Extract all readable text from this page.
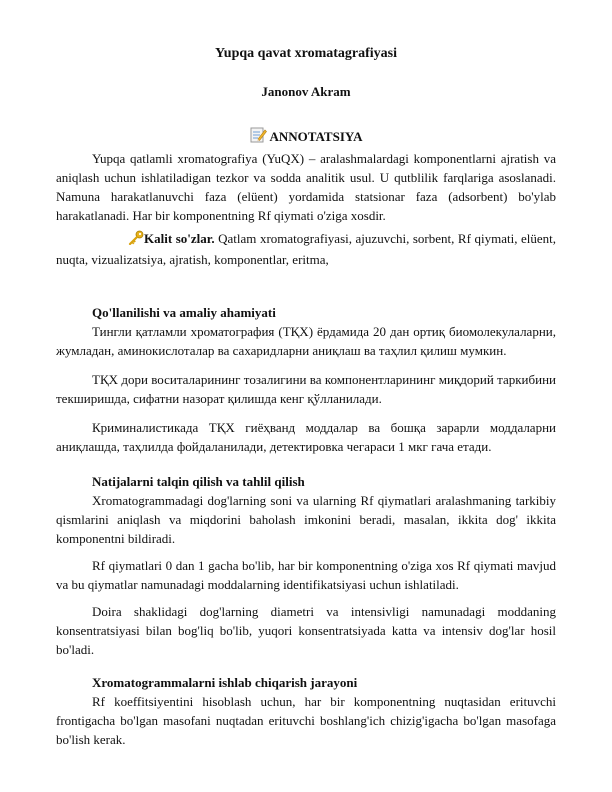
Yupqa qavat xromatagrafiyasi
Janonov Akram
ANNOTATSIYA

Yupqa qatlamli xromatografiya (YuQX) – aralashmalardagi komponentlarni ajratish va aniqlash uchun ishlatiladigan tezkor va sodda analitik usul. U qutblilik farqlariga asoslanadi. Namuna harakatlanuvchi faza (elüent) yordamida statsionar faza (adsorbent) bo'ylab harakatlanadi. Har bir komponentning Rf qiymati o'ziga xosdir.

Kalit so'zlar. Qatlam xromatografiyasi, ajuzuvchi, sorbent, Rf qiymati, elüent, nuqta, vizualizatsiya, ajratish, komponentlar, eritma,

Qo'llanilishi va amaliy ahamiyati

Тингли қатламли хроматография (ТҚХ) ёрдамида 20 дан ортиқ биомолекулаларни, жумладан, аминокислоталар ва сахаридларни аниқлаш ва таҳлил қилиш мумкин.

ТҚХ дори воситаларининг тозалигини ва компонентларининг миқдорий таркибини текширишда, сифатни назорат қилишда кенг қўлланилади.

Криминалистикада ТҚХ гиёҳванд моддалар ва бошқа зарарли моддаларни аниқлашда, таҳлилда фойдаланилади, детектировка чегараси 1 мкг гача етади.

Natijalarni talqin qilish va tahlil qilish

Xromatogrammadagi dog'larning soni va ularning Rf qiymatlari aralashmaning tarkibiy qismlarini aniqlash va miqdorini baholash imkonini beradi, masalan, ikkita dog' ikkita komponentni bildiradi.

Rf qiymatlari 0 dan 1 gacha bo'lib, har bir komponentning o'ziga xos Rf qiymati mavjud va bu qiymatlar namunadagi moddalarning identifikatsiyasi uchun ishlatiladi.

Doira shaklidagi dog'larning diametri va intensivligi namunadagi moddaning konsentratsiyasi bilan bog'liq bo'lib, yuqori konsentratsiyada katta va intensiv dog'lar hosil bo'ladi.

Xromatogrammalarni ishlab chiqarish jarayoni

Rf koeffitsiyentini hisoblash uchun, har bir komponentning nuqtasidan erituvchi frontigacha bo'lgan masofani nuqtadan erituvchi boshlang'ich chizig'igacha bo'lgan masofaga bo'lish kerak.
